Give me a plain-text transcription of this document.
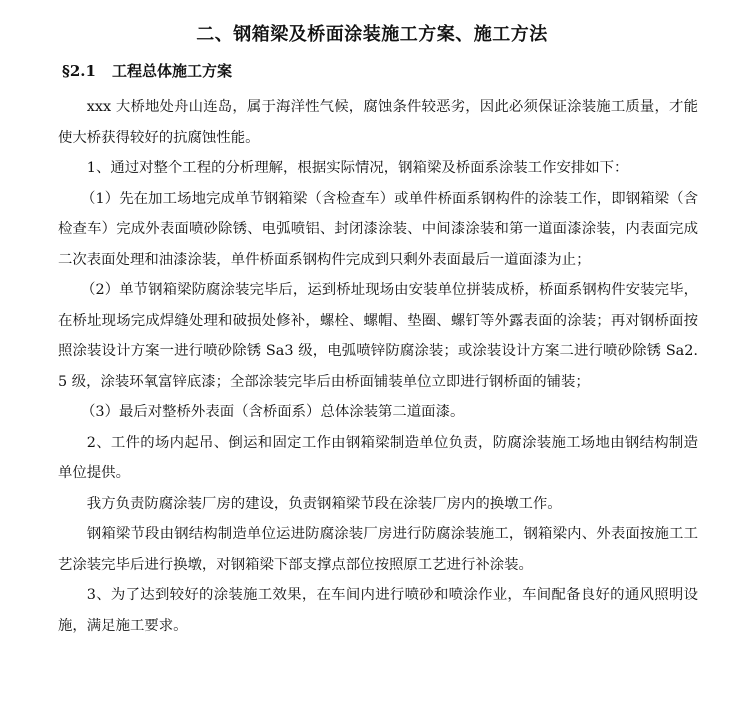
二、钢箱梁及桥面涂装施工方案、施工方法
§2.1 工程总体施工方案

xxx 大桥地处舟山连岛，属于海洋性气候，腐蚀条件较恶劣，因此必须保证涂装施工质量，才能使大桥获得较好的抗腐蚀性能。

1、通过对整个工程的分析理解，根据实际情况，钢箱梁及桥面系涂装工作安排如下：

（1）先在加工场地完成单节钢箱梁（含检查车）或单件桥面系钢构件的涂装工作，即钢箱梁（含检查车）完成外表面喷砂除锈、电弧喷铝、封闭漆涂装、中间漆涂装和第一道面漆涂装，内表面完成二次表面处理和油漆涂装，单件桥面系钢构件完成到只剩外表面最后一道面漆为止；

（2）单节钢箱梁防腐涂装完毕后，运到桥址现场由安装单位拼装成桥，桥面系钢构件安装完毕，在桥址现场完成焊缝处理和破损处修补，螺栓、螺帽、垫圈、螺钉等外露表面的涂装；再对钢桥面按照涂装设计方案一进行喷砂除锈 Sa3 级，电弧喷锌防腐涂装；或涂装设计方案二进行喷砂除锈 Sa2.5 级，涂装环氧富锌底漆；全部涂装完毕后由桥面铺装单位立即进行钢桥面的铺装；

（3）最后对整桥外表面（含桥面系）总体涂装第二道面漆。

2、工件的场内起吊、倒运和固定工作由钢箱梁制造单位负责，防腐涂装施工场地由钢结构制造单位提供。

我方负责防腐涂装厂房的建设，负责钢箱梁节段在涂装厂房内的换墩工作。

钢箱梁节段由钢结构制造单位运进防腐涂装厂房进行防腐涂装施工，钢箱梁内、外表面按施工工艺涂装完毕后进行换墩，对钢箱梁下部支撑点部位按照原工艺进行补涂装。

3、为了达到较好的涂装施工效果，在车间内进行喷砂和喷涂作业，车间配备良好的通风照明设施，满足施工要求。
